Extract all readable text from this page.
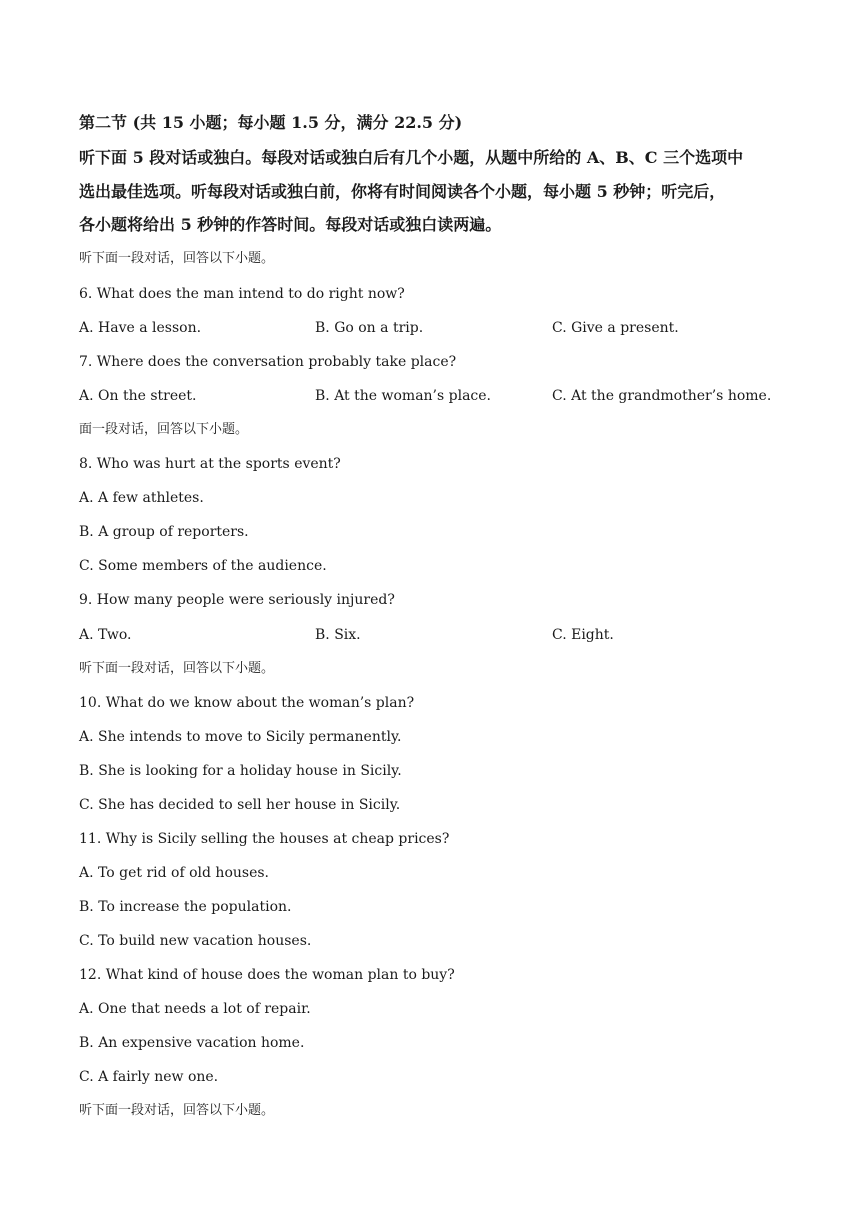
第二节 (共 15 小题；每小题 1.5 分，满分 22.5 分)
听下面 5 段对话或独白。每段对话或独白后有几个小题，从题中所给的 A、B、C 三个选项中
选出最佳选项。听每段对话或独白前，你将有时间阅读各个小题，每小题 5 秒钟；听完后，
各小题将给出 5 秒钟的作答时间。每段对话或独白读两遍。
听下面一段对话，回答以下小题。
6. What does the man intend to do right now?
A. Have a lesson.	B. Go on a trip.	C. Give a present.
7. Where does the conversation probably take place?
A. On the street.	B. At the woman’s place.	C. At the grandmother’s home.
面一段对话，回答以下小题。
8. Who was hurt at the sports event?
A. A few athletes.
B. A group of reporters.
C. Some members of the audience.
9. How many people were seriously injured?
A. Two.	B. Six.	C. Eight.
听下面一段对话，回答以下小题。
10. What do we know about the woman’s plan?
A. She intends to move to Sicily permanently.
B. She is looking for a holiday house in Sicily.
C. She has decided to sell her house in Sicily.
11. Why is Sicily selling the houses at cheap prices?
A. To get rid of old houses.
B. To increase the population.
C. To build new vacation houses.
12. What kind of house does the woman plan to buy?
A. One that needs a lot of repair.
B. An expensive vacation home.
C. A fairly new one.
听下面一段对话，回答以下小题。
